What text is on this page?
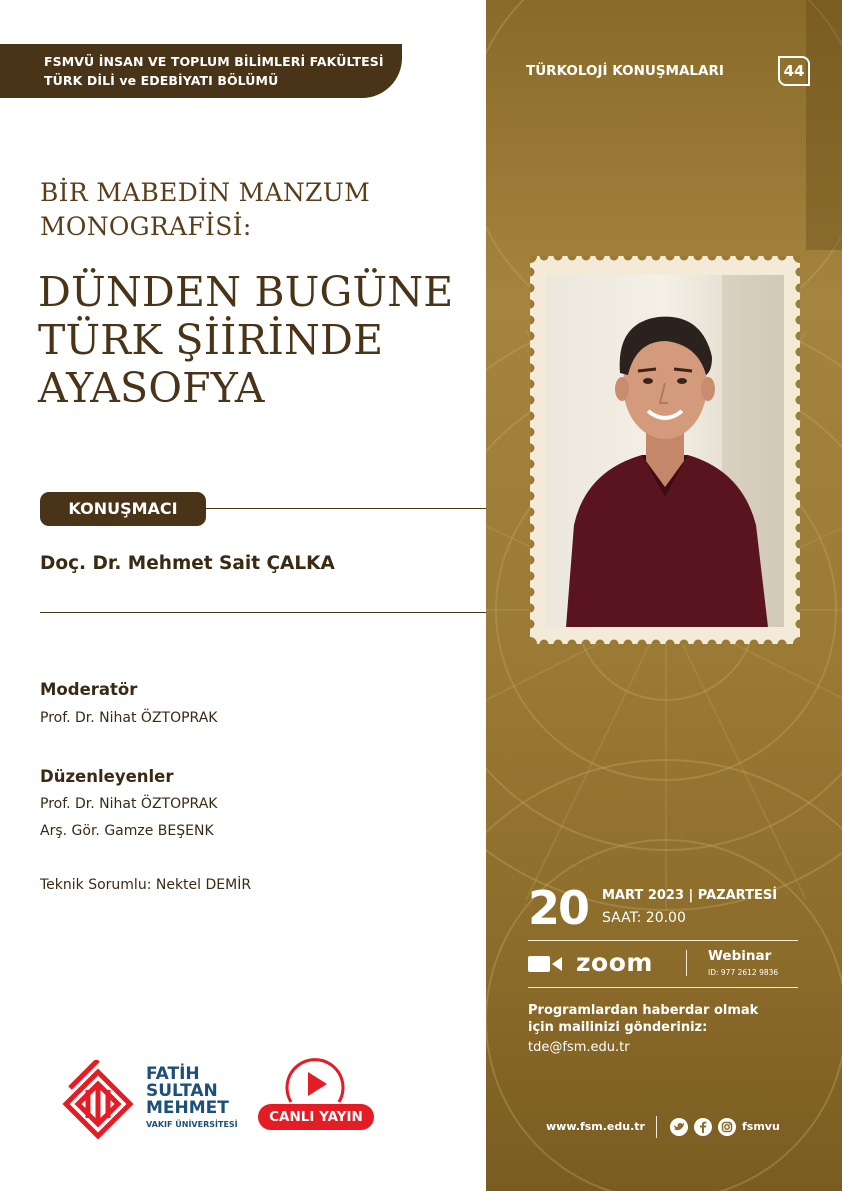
FSMVÜ İNSAN VE TOPLUM BİLİMLERİ FAKÜLTESİ
TÜRK DİLİ ve EDEBİYATI BÖLÜMÜ
BİR MABEDİN MANZUM
MONOGRAFİSİ:
DÜNDEN BUGÜNE
TÜRK ŞİİRİNDE
AYASOFYA
KONUŞMACI
Doç. Dr. Mehmet Sait ÇALKA
Moderatör
Prof. Dr. Nihat ÖZTOPRAK
Düzenleyenler
Prof. Dr. Nihat ÖZTOPRAK
Arş. Gör. Gamze BEŞENK
Teknik Sorumlu: Nektel DEMİR
FATİH
SULTAN
MEHMET
VAKIF ÜNİVERSİTESİ	CANLI YAYIN
TÜRKOLOJİ KONUŞMALARI	44
20 MART 2023 | PAZARTESİ
SAAT: 20.00
zoom	Webinar
ID: 977 2612 9836
Programlardan haberdar olmak
için mailinizi gönderiniz:
tde@fsm.edu.tr
www.fsm.edu.tr	fsmvu
